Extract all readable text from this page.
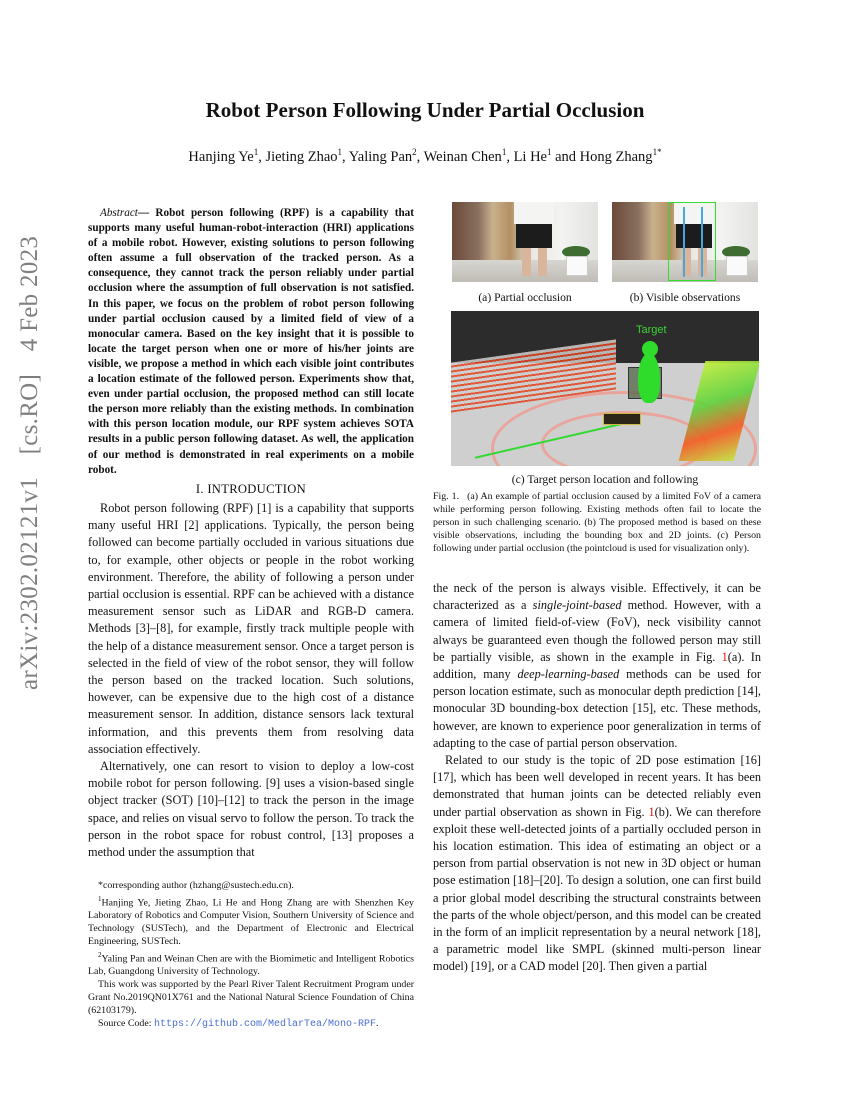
arXiv:2302.02121v1 [cs.RO] 4 Feb 2023
Robot Person Following Under Partial Occlusion
Hanjing Ye$^1$, Jieting Zhao$^1$, Yaling Pan$^2$, Weinan Chen$^1$, Li He$^1$ and Hong Zhang$^{1*}$

Abstract— Robot person following (RPF) is a capability that supports many useful human-robot-interaction (HRI) applications of a mobile robot. However, existing solutions to person following often assume a full observation of the tracked person. As a consequence, they cannot track the person reliably under partial occlusion where the assumption of full observation is not satisfied. In this paper, we focus on the problem of robot person following under partial occlusion caused by a limited field of view of a monocular camera. Based on the key insight that it is possible to locate the target person when one or more of his/her joints are visible, we propose a method in which each visible joint contributes a location estimate of the followed person. Experiments show that, even under partial occlusion, the proposed method can still locate the person more reliably than the existing methods. In combination with this person location module, our RPF system achieves SOTA results in a public person following dataset. As well, the application of our method is demonstrated in real experiments on a mobile robot.

I. INTRODUCTION

Robot person following (RPF) [1] is a capability that supports many useful HRI [2] applications. Typically, the person being followed can become partially occluded in various situations due to, for example, other objects or people in the robot working environment. Therefore, the ability of following a person under partial occlusion is essential. RPF can be achieved with a distance measurement sensor such as LiDAR and RGB-D camera. Methods [3]–[8], for example, firstly track multiple people with the help of a distance measurement sensor. Once a target person is selected in the field of view of the robot sensor, they will follow the person based on the tracked location. Such solutions, however, can be expensive due to the high cost of a distance measurement sensor. In addition, distance sensors lack textural information, and this prevents them from resolving data association effectively.

Alternatively, one can resort to vision to deploy a low-cost mobile robot for person following. [9] uses a vision-based single object tracker (SOT) [10]–[12] to track the person in the image space, and relies on visual servo to follow the person. To track the person in the robot space for robust control, [13] proposes a method under the assumption that

*corresponding author (hzhang@sustech.edu.cn).

$^1$Hanjing Ye, Jieting Zhao, Li He and Hong Zhang are with Shenzhen Key Laboratory of Robotics and Computer Vision, Southern University of Science and Technology (SUSTech), and the Department of Electronic and Electrical Engineering, SUSTech.

$^2$Yaling Pan and Weinan Chen are with the Biomimetic and Intelligent Robotics Lab, Guangdong University of Technology.

This work was supported by the Pearl River Talent Recruitment Program under Grant No.2019QN01X761 and the National Natural Science Foundation of China (62103179).

Source Code: https://github.com/MedlarTea/Mono-RPF.

(a) Partial occlusion	(b) Visible observations
Target
(c) Target person location and following
Fig. 1. (a) An example of partial occlusion caused by a limited FoV of a camera while performing person following. Existing methods often fail to locate the person in such challenging scenario. (b) The proposed method is based on these visible observations, including the bounding box and 2D joints. (c) Person following under partial occlusion (the pointcloud is used for visualization only).

the neck of the person is always visible. Effectively, it can be characterized as a single-joint-based method. However, with a camera of limited field-of-view (FoV), neck visibility cannot always be guaranteed even though the followed person may still be partially visible, as shown in the example in Fig. 1(a). In addition, many deep-learning-based methods can be used for person location estimate, such as monocular depth prediction [14], monocular 3D bounding-box detection [15], etc. These methods, however, are known to experience poor generalization in terms of adapting to the case of partial person observation.

Related to our study is the topic of 2D pose estimation [16] [17], which has been well developed in recent years. It has been demonstrated that human joints can be detected reliably even under partial observation as shown in Fig. 1(b). We can therefore exploit these well-detected joints of a partially occluded person in his location estimation. This idea of estimating an object or a person from partial observation is not new in 3D object or human pose estimation [18]–[20]. To design a solution, one can first build a prior global model describing the structural constraints between the parts of the whole object/person, and this model can be created in the form of an implicit representation by a neural network [18], a parametric model like SMPL (skinned multi-person linear model) [19], or a CAD model [20]. Then given a partial
